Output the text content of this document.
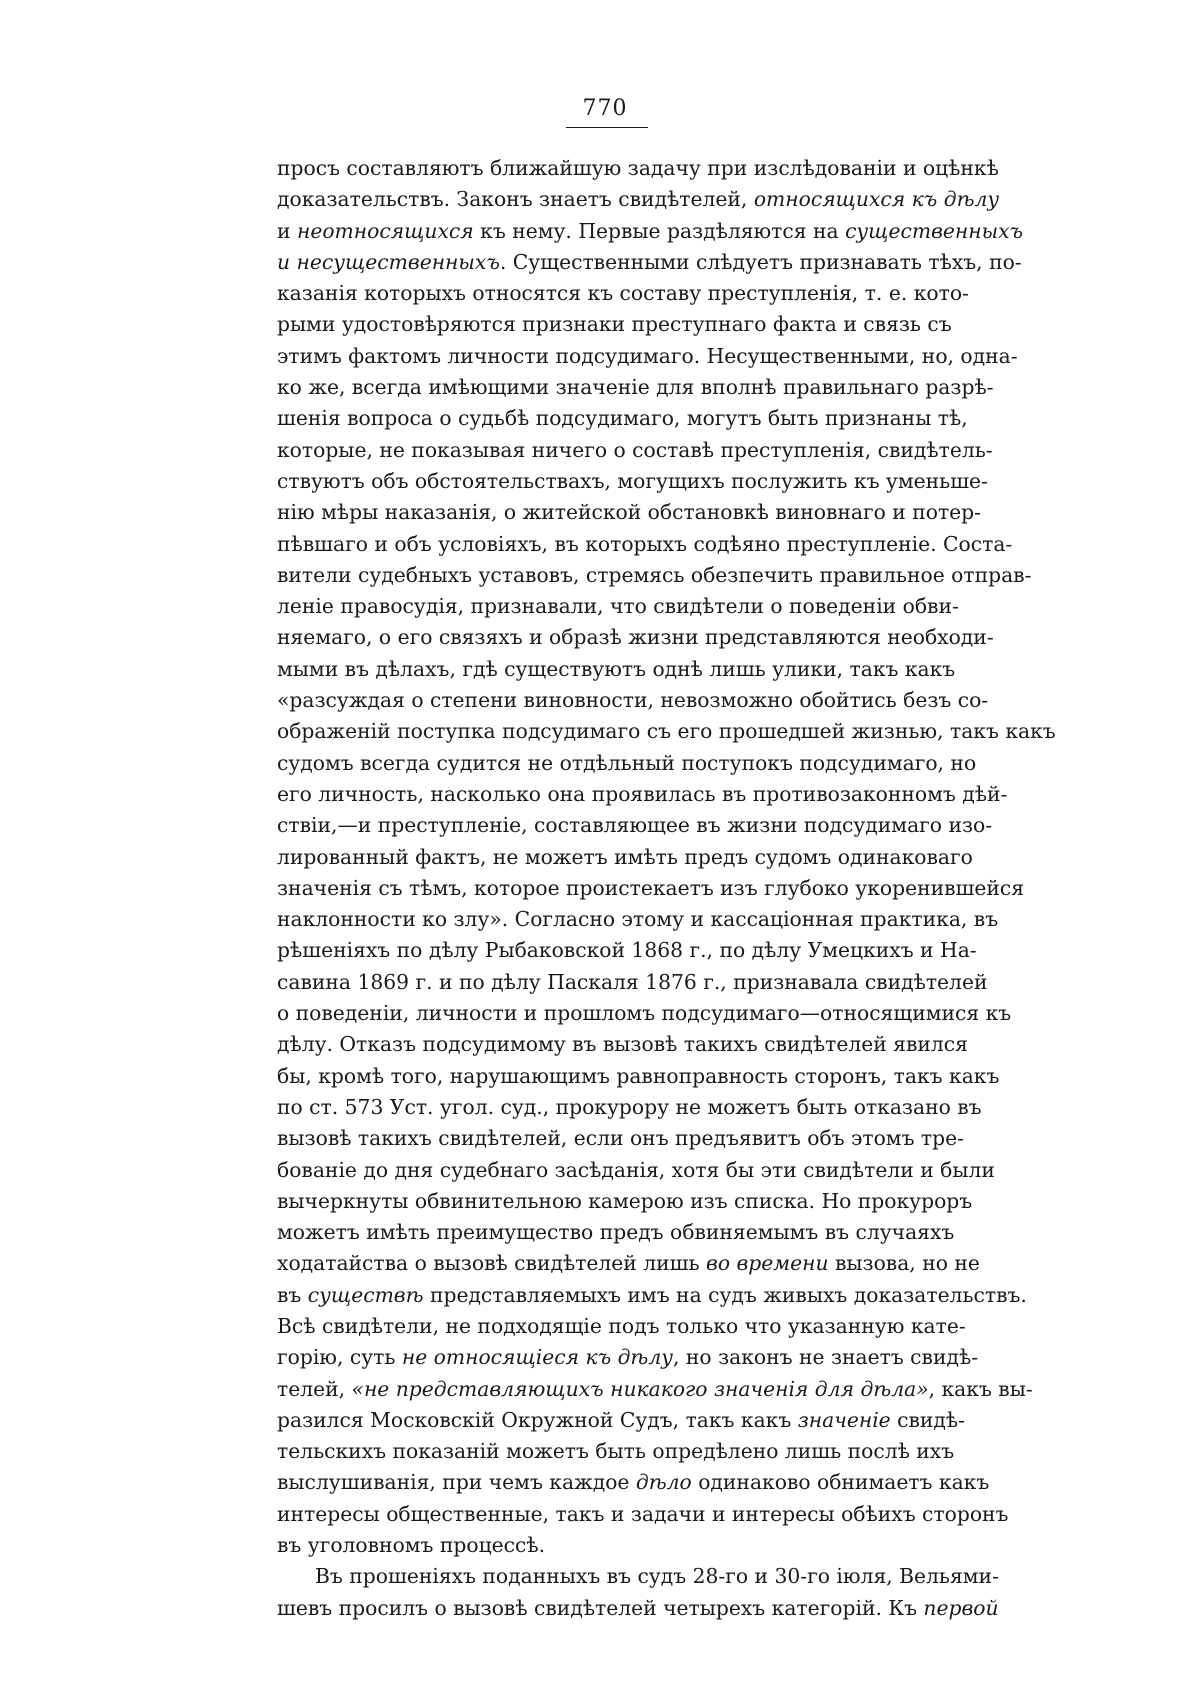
770
просъ составляютъ ближайшую задачу при изслѣдованіи и оцѣнкѣ
доказательствъ. Законъ знаетъ свидѣтелей, относящихся къ дѣлу
и неотносящихся къ нему. Первые раздѣляются на существенныхъ
и несущественныхъ. Существенными слѣдуетъ признавать тѣхъ, по-
казанія которыхъ относятся къ составу преступленія, т. е. кото-
рыми удостовѣряются признаки преступнаго факта и связь съ
этимъ фактомъ личности подсудимаго. Несущественными, но, одна-
ко же, всегда имѣющими значеніе для вполнѣ правильнаго разрѣ-
шенія вопроса о судьбѣ подсудимаго, могутъ быть признаны тѣ,
которые, не показывая ничего о составѣ преступленія, свидѣтель-
ствуютъ объ обстоятельствахъ, могущихъ послужить къ уменьше-
нію мѣры наказанія, о житейской обстановкѣ виновнаго и потер-
пѣвшаго и объ условіяхъ, въ которыхъ содѣяно преступленіе. Соста-
вители судебныхъ уставовъ, стремясь обезпечить правильное отправ-
леніе правосудія, признавали, что свидѣтели о поведеніи обви-
няемаго, о его связяхъ и образѣ жизни представляются необходи-
мыми въ дѣлахъ, гдѣ существуютъ однѣ лишь улики, такъ какъ
«разсуждая о степени виновности, невозможно обойтись безъ со-
ображеній поступка подсудимаго съ его прошедшей жизнью, такъ какъ
судомъ всегда судится не отдѣльный поступокъ подсудимаго, но
его личность, насколько она проявилась въ противозаконномъ дѣй-
ствіи,—и преступленіе, составляющее въ жизни подсудимаго изо-
лированный фактъ, не можетъ имѣть предъ судомъ одинаковаго
значенія съ тѣмъ, которое проистекаетъ изъ глубоко укоренившейся
наклонности ко злу». Согласно этому и кассаціонная практика, въ
рѣшеніяхъ по дѣлу Рыбаковской 1868 г., по дѣлу Умецкихъ и На-
савина 1869 г. и по дѣлу Паскаля 1876 г., признавала свидѣтелей
о поведеніи, личности и прошломъ подсудимаго—относящимися къ
дѣлу. Отказъ подсудимому въ вызовѣ такихъ свидѣтелей явился
бы, кромѣ того, нарушающимъ равноправность сторонъ, такъ какъ
по ст. 573 Уст. угол. суд., прокурору не можетъ быть отказано въ
вызовѣ такихъ свидѣтелей, если онъ предъявитъ объ этомъ тре-
бованіе до дня судебнаго засѣданія, хотя бы эти свидѣтели и были
вычеркнуты обвинительною камерою изъ списка. Но прокуроръ
можетъ имѣть преимущество предъ обвиняемымъ въ случаяхъ
ходатайства о вызовѣ свидѣтелей лишь во времени вызова, но не
въ существѣ представляемыхъ имъ на судъ живыхъ доказательствъ.
Всѣ свидѣтели, не подходящіе подъ только что указанную кате-
горію, суть не относящіеся къ дѣлу, но законъ не знаетъ свидѣ-
телей, «не представляющихъ никакого значенія для дѣла», какъ вы-
разился Московскій Окружной Судъ, такъ какъ значеніе свидѣ-
тельскихъ показаній можетъ быть опредѣлено лишь послѣ ихъ
выслушиванія, при чемъ каждое дѣло одинаково обнимаетъ какъ
интересы общественные, такъ и задачи и интересы обѣихъ сторонъ
въ уголовномъ процессѣ.
Въ прошеніяхъ поданныхъ въ судъ 28-го и 30-го іюля, Вельями-
шевъ просилъ о вызовѣ свидѣтелей четырехъ категорій. Къ первой
